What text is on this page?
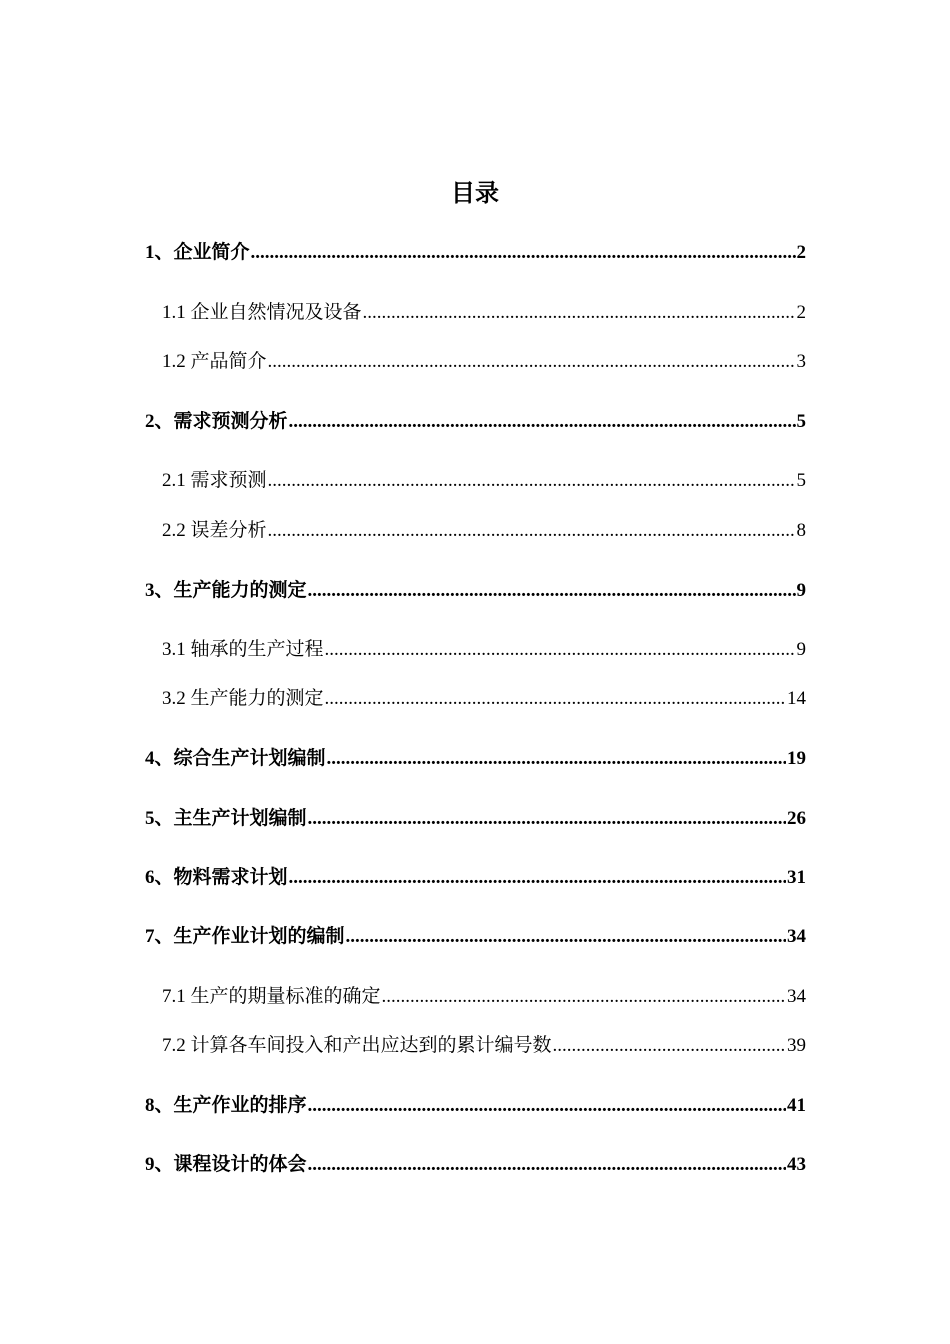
目录
1、企业简介 .....	2
1.1 企业自然情况及设备 .....	2
1.2 产品简介 .....	3
2、需求预测分析 .....	5
2.1 需求预测 .....	5
2.2 误差分析 .....	8
3、生产能力的测定 .....	9
3.1 轴承的生产过程 .....	9
3.2 生产能力的测定 .....	14
4、综合生产计划编制 .....	19
5、主生产计划编制 .....	26
6、物料需求计划 .....	31
7、生产作业计划的编制 .....	34
7.1 生产的期量标准的确定 .....	34
7.2 计算各车间投入和产出应达到的累计编号数 .....	39
8、生产作业的排序 .....	41
9、课程设计的体会 .....	43
